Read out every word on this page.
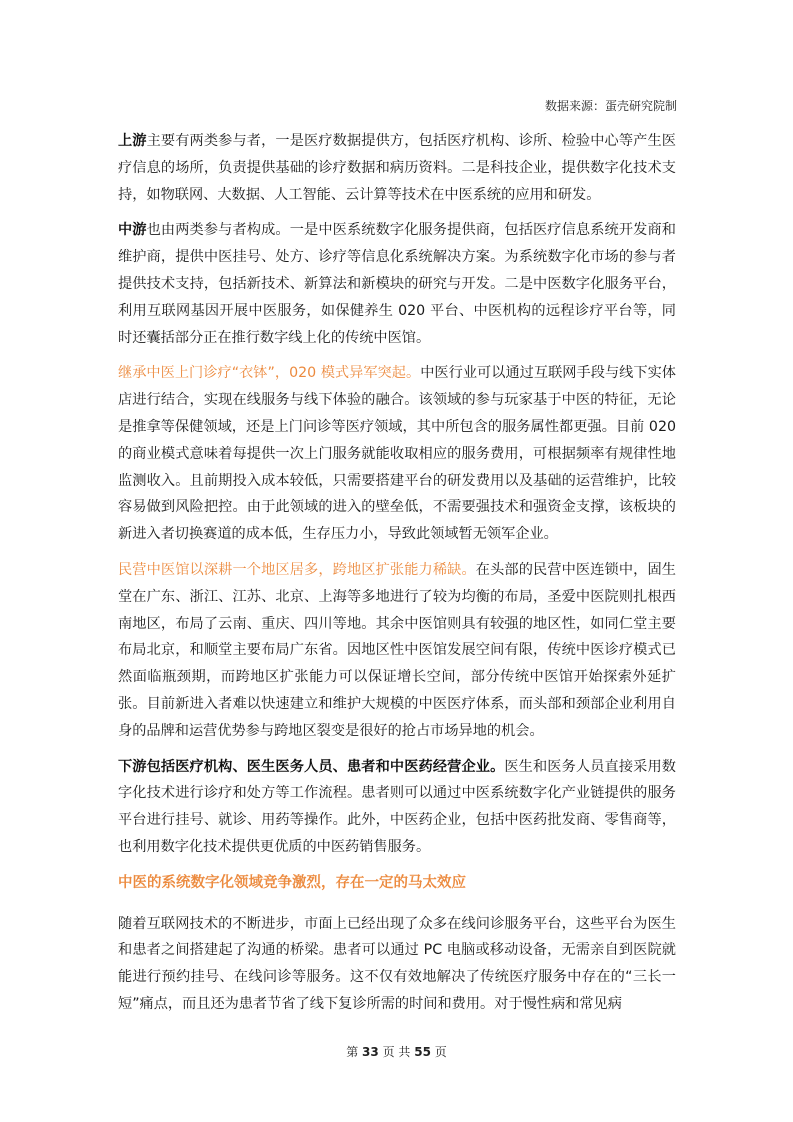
数据来源：蛋壳研究院制

上游主要有两类参与者，一是医疗数据提供方，包括医疗机构、诊所、检验中心等产生医疗信息的场所，负责提供基础的诊疗数据和病历资料。二是科技企业，提供数字化技术支持，如物联网、大数据、人工智能、云计算等技术在中医系统的应用和研发。

中游也由两类参与者构成。一是中医系统数字化服务提供商，包括医疗信息系统开发商和维护商，提供中医挂号、处方、诊疗等信息化系统解决方案。为系统数字化市场的参与者提供技术支持，包括新技术、新算法和新模块的研究与开发。二是中医数字化服务平台，利用互联网基因开展中医服务，如保健养生 020 平台、中医机构的远程诊疗平台等，同时还囊括部分正在推行数字线上化的传统中医馆。

继承中医上门诊疗“衣钵”，020 模式异军突起。中医行业可以通过互联网手段与线下实体店进行结合，实现在线服务与线下体验的融合。该领域的参与玩家基于中医的特征，无论是推拿等保健领域，还是上门问诊等医疗领域，其中所包含的服务属性都更强。目前 020 的商业模式意味着每提供一次上门服务就能收取相应的服务费用，可根据频率有规律性地监测收入。且前期投入成本较低，只需要搭建平台的研发费用以及基础的运营维护，比较容易做到风险把控。由于此领域的进入的壁垒低，不需要强技术和强资金支撑，该板块的新进入者切换赛道的成本低，生存压力小，导致此领域暂无领军企业。

民营中医馆以深耕一个地区居多，跨地区扩张能力稀缺。在头部的民营中医连锁中，固生堂在广东、浙江、江苏、北京、上海等多地进行了较为均衡的布局，圣爱中医院则扎根西南地区，布局了云南、重庆、四川等地。其余中医馆则具有较强的地区性，如同仁堂主要布局北京，和顺堂主要布局广东省。因地区性中医馆发展空间有限，传统中医诊疗模式已然面临瓶颈期，而跨地区扩张能力可以保证增长空间，部分传统中医馆开始探索外延扩张。目前新进入者难以快速建立和维护大规模的中医医疗体系，而头部和颈部企业利用自身的品牌和运营优势参与跨地区裂变是很好的抢占市场异地的机会。

下游包括医疗机构、医生医务人员、患者和中医药经营企业。医生和医务人员直接采用数字化技术进行诊疗和处方等工作流程。患者则可以通过中医系统数字化产业链提供的服务平台进行挂号、就诊、用药等操作。此外，中医药企业，包括中医药批发商、零售商等，也利用数字化技术提供更优质的中医药销售服务。

中医的系统数字化领域竞争激烈，存在一定的马太效应

随着互联网技术的不断进步，市面上已经出现了众多在线问诊服务平台，这些平台为医生和患者之间搭建起了沟通的桥梁。患者可以通过 PC 电脑或移动设备，无需亲自到医院就能进行预约挂号、在线问诊等服务。这不仅有效地解决了传统医疗服务中存在的“三长一短”痛点，而且还为患者节省了线下复诊所需的时间和费用。对于慢性病和常见病

第 33 页 共 55 页
